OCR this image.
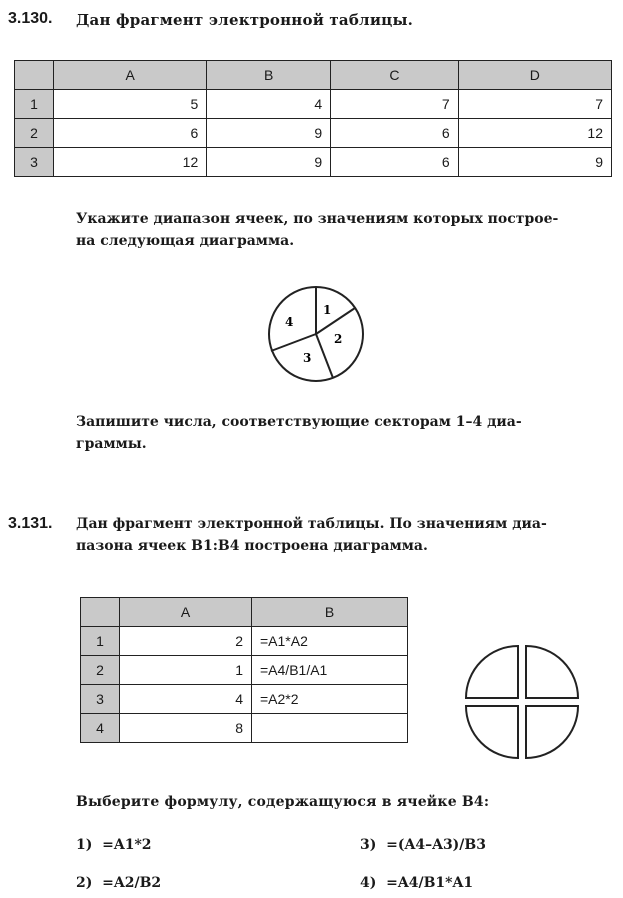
3.130. Дан фрагмент электронной таблицы.
	A	B	C	D
1	5	4	7	7
2	6	9	6	12
3	12	9	6	9
Укажите диапазон ячеек, по значениям которых построе-
на следующая диаграмма.
1
2
3
4
Запишите числа, соответствующие секторам 1–4 диа-
граммы.
3.131. Дан фрагмент электронной таблицы. По значениям диа-
пазона ячеек B1:B4 построена диаграмма.
	A	B
1	2	=A1*A2
2	1	=A4/B1/A1
3	4	=A2*2
4	8	
Выберите формулу, содержащуюся в ячейке B4:
1) =A1*2
2) =A2/B2
3) =(A4–A3)/B3
4) =A4/B1*A1
